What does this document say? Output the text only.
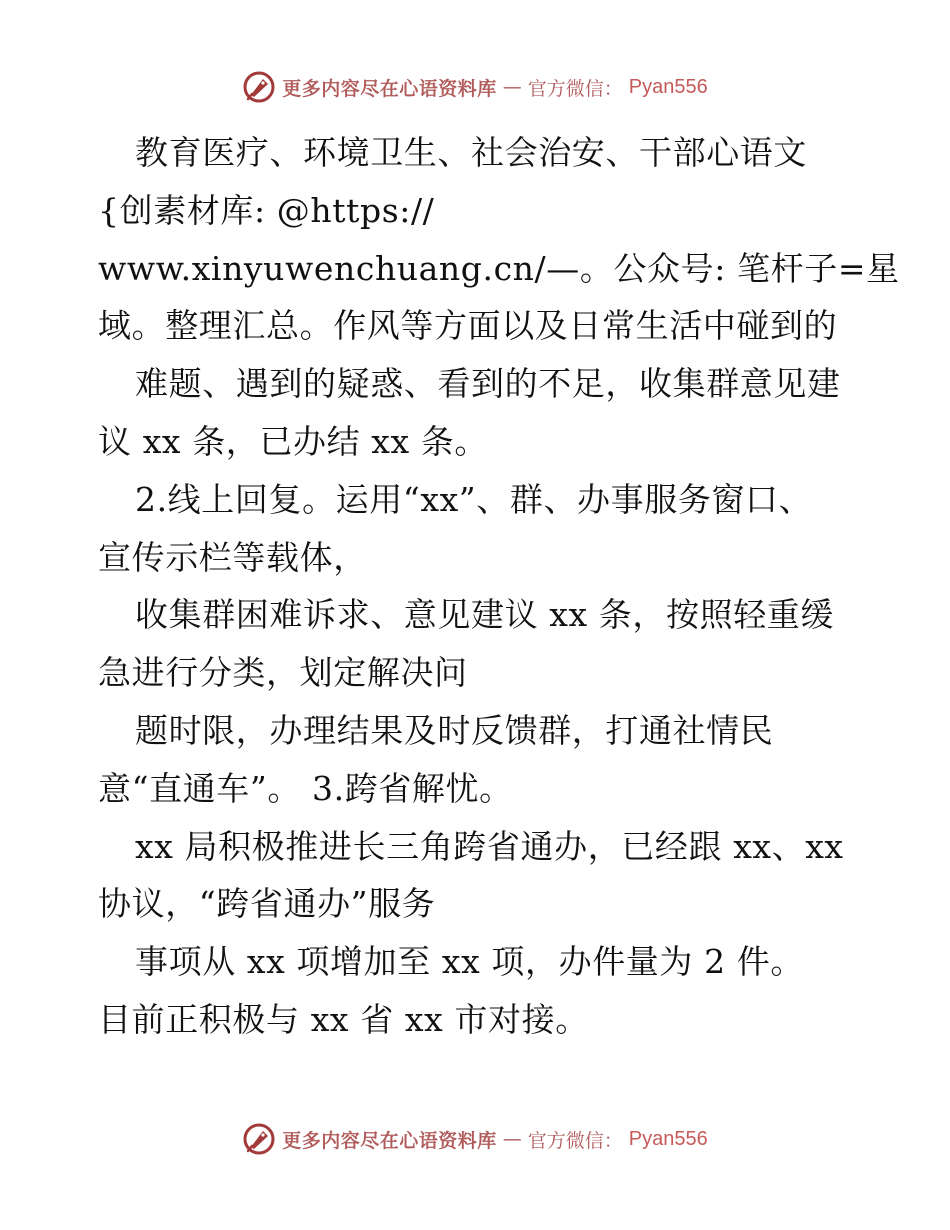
更多内容尽在心语资料库 — 官方微信： Pyan556
教育医疗、环境卫生、社会治安、干部心语文
{创素材库: @https://
www.xinyuwenchuang.cn/—。公众号: 笔杆子=星
域。整理汇总。作风等方面以及日常生活中碰到的
难题、遇到的疑惑、看到的不足，收集群意见建
议 xx 条，已办结 xx 条。
2.线上回复。运用“xx”、群、办事服务窗口、
宣传示栏等载体，
收集群困难诉求、意见建议 xx 条，按照轻重缓
急进行分类，划定解决问
题时限，办理结果及时反馈群，打通社情民
意“直通车”。 3.跨省解忧。
xx 局积极推进长三角跨省通办，已经跟 xx、xx
协议，“跨省通办”服务
事项从 xx 项增加至 xx 项，办件量为 2 件。
目前正积极与 xx 省 xx 市对接。
更多内容尽在心语资料库 — 官方微信： Pyan556
